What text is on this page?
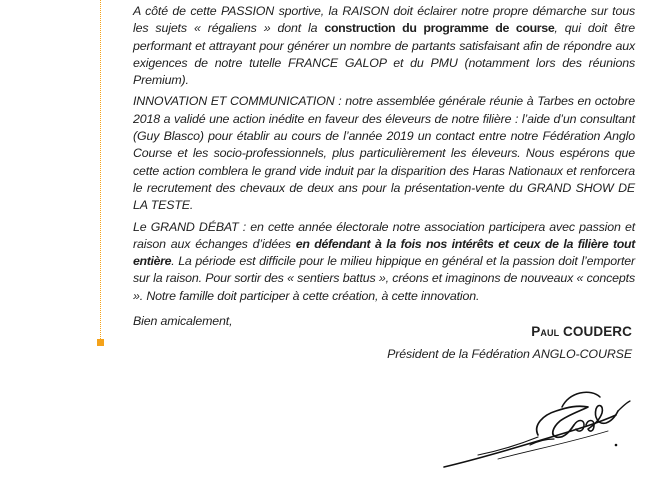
A côté de cette PASSION sportive, la RAISON doit éclairer notre propre démarche sur tous les sujets « régaliens » dont la construction du programme de course, qui doit être performant et attrayant pour générer un nombre de partants satisfaisant afin de répondre aux exigences de notre tutelle FRANCE GALOP et du PMU (notamment lors des réunions Premium).

INNOVATION ET COMMUNICATION : notre assemblée générale réunie à Tarbes en octobre 2018 a validé une action inédite en faveur des éleveurs de notre filière : l’aide d’un consultant (Guy Blasco) pour établir au cours de l’année 2019 un contact entre notre Fédération Anglo Course et les socio-professionnels, plus particulièrement les éleveurs. Nous espérons que cette action comblera le grand vide induit par la disparition des Haras Nationaux et renforcera le recrutement des chevaux de deux ans pour la présentation-vente du GRAND SHOW DE LA TESTE.

Le GRAND DÉBAT : en cette année électorale notre association participera avec passion et raison aux échanges d’idées en défendant à la fois nos intérêts et ceux de la filière tout entière. La période est difficile pour le milieu hippique en général et la passion doit l’emporter sur la raison. Pour sortir des « sentiers battus », créons et imaginons de nouveaux « concepts ». Notre famille doit participer à cette création, à cette innovation.

Bien amicalement,

Paul COUDERC
Président de la Fédération ANGLO-COURSE
